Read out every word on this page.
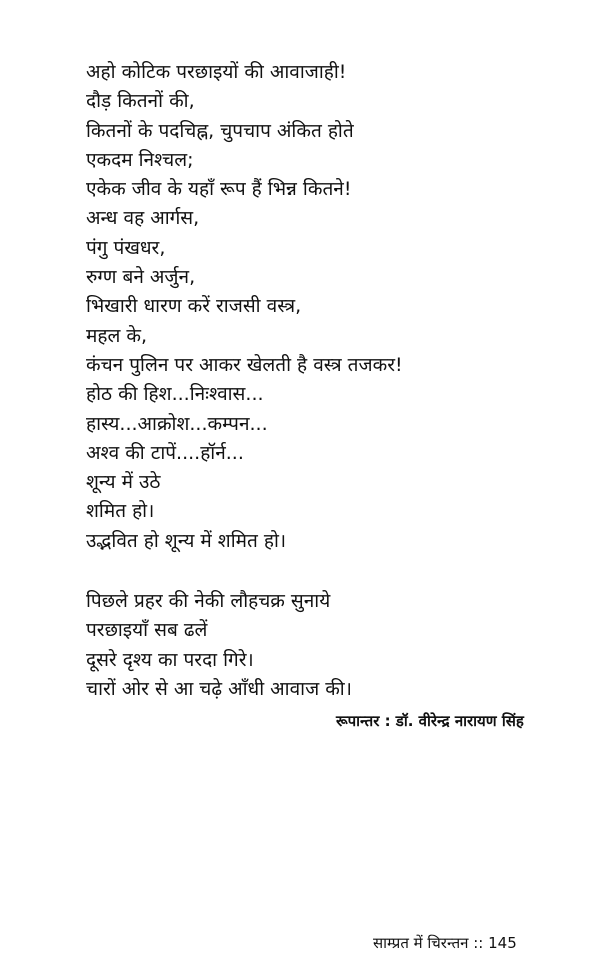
अहो कोटिक परछाइयों की आवाजाही!
दौड़ कितनों की,
कितनों के पदचिह्न, चुपचाप अंकित होते
एकदम निश्चल;
एकेक जीव के यहाँ रूप हैं भिन्न कितने!
अन्ध वह आर्गस,
पंगु पंखधर,
रुग्ण बने अर्जुन,
भिखारी धारण करें राजसी वस्त्र,
महल के,
कंचन पुलिन पर आकर खेलती है वस्त्र तजकर!
होठ की हिश...निःश्वास...
हास्य...आक्रोश...कम्पन...
अश्व की टापें....हॉर्न...
शून्य में उठे
शमित हो।
उद्भवित हो शून्य में शमित हो।
पिछले प्रहर की नेकी लौहचक्र सुनाये
परछाइयाँ सब ढलें
दूसरे दृश्य का परदा गिरे।
चारों ओर से आ चढ़े आँधी आवाज की।
रूपान्तर : डॉ. वीरेन्द्र नारायण सिंह
साम्प्रत में चिरन्तन :: 145
